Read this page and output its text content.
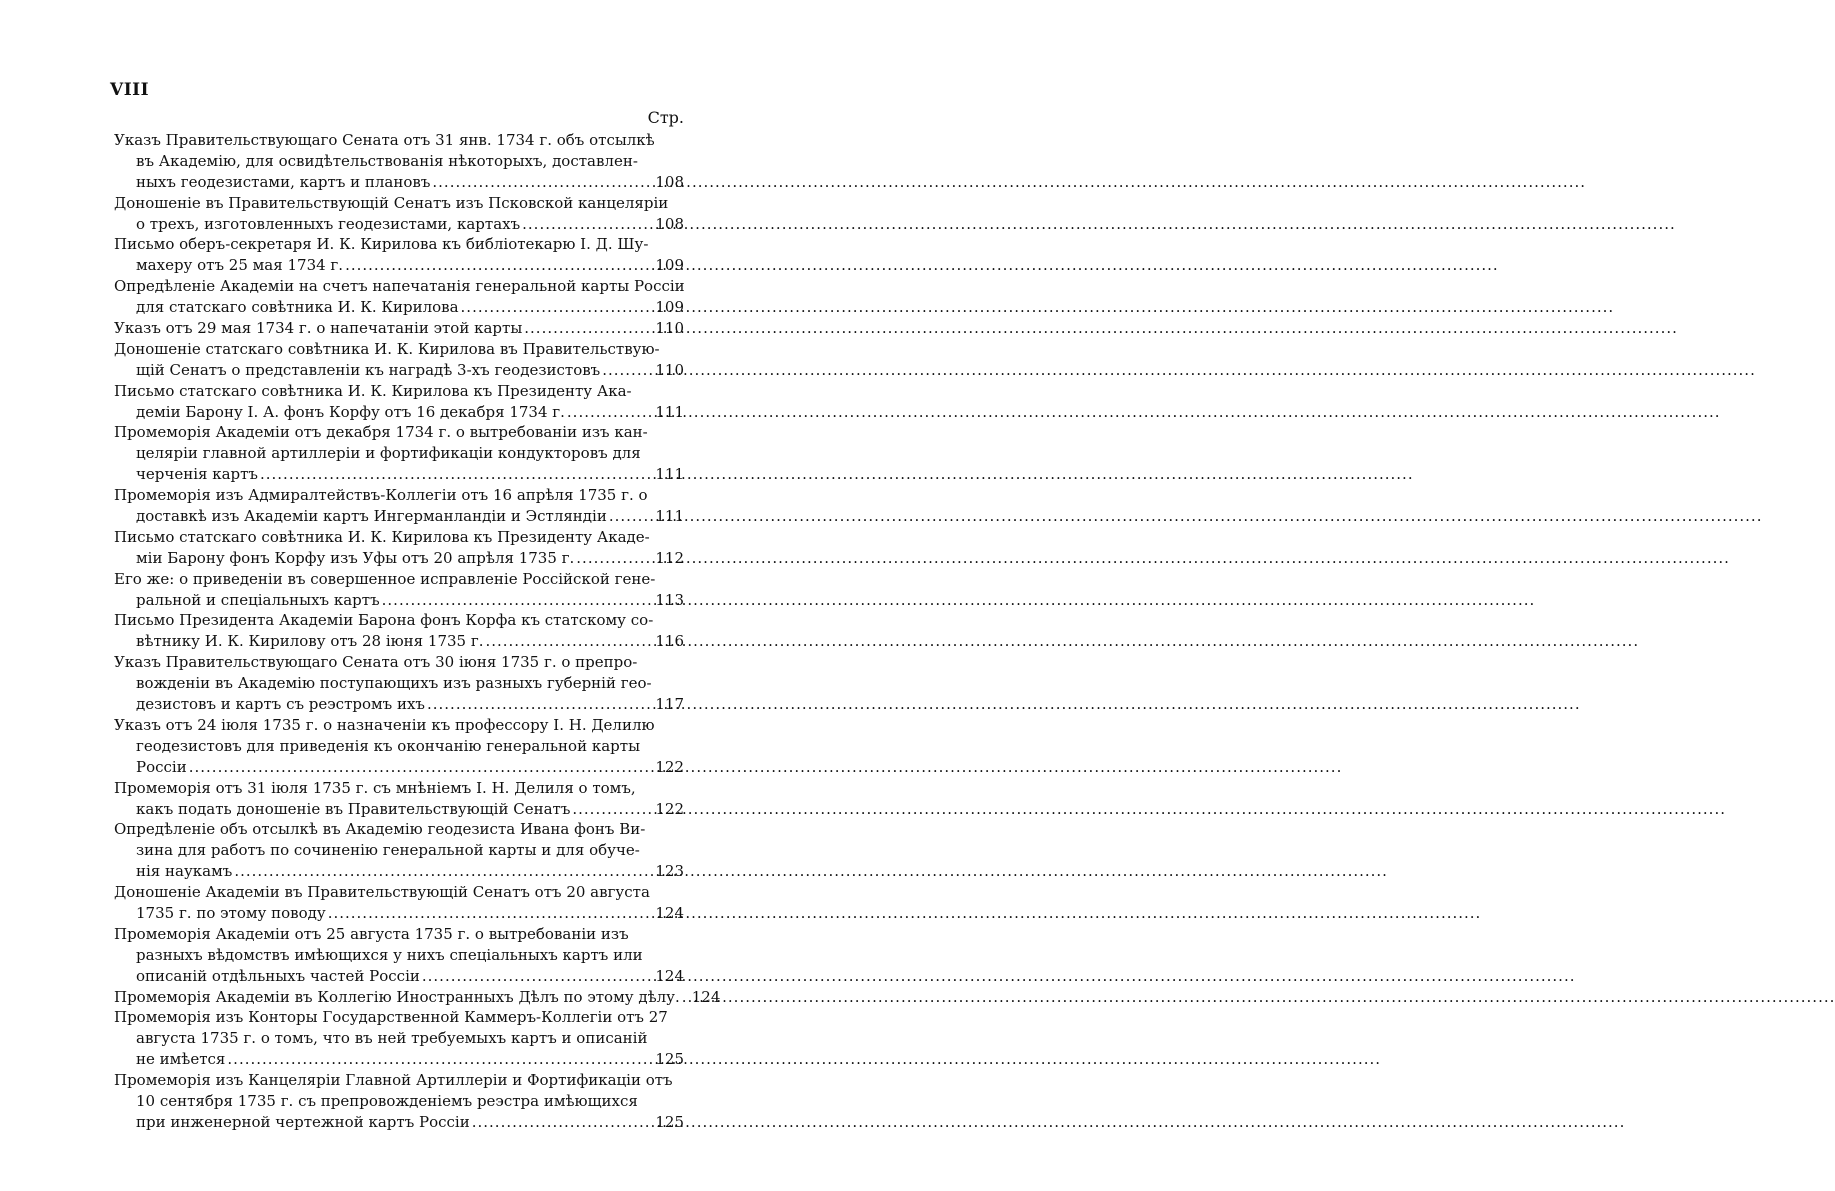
VIII
Стр.
Указъ Правительствующаго Сената отъ 31 янв. 1734 г. объ отсылкѣ
въ Академію, для освидѣтельствованія нѣкоторыхъ, доставлен-
ныхъ геодезистами, картъ и плановъ .....	108
Доношеніе въ Правительствующій Сенатъ изъ Псковской канцеляріи
о трехъ, изготовленныхъ геодезистами, картахъ .....	108
Письмо оберъ-секретаря И. К. Кирилова къ библіотекарю І. Д. Шу-
махеру отъ 25 мая 1734 г. .....	109
Опредѣленіе Академіи на счетъ напечатанія генеральной карты Россіи
для статскаго совѣтника И. К. Кирилова .....	109
Указъ отъ 29 мая 1734 г. о напечатаніи этой карты .....	110
Доношеніе статскаго совѣтника И. К. Кирилова въ Правительствую-
щій Сенатъ о представленіи къ наградѣ 3-хъ геодезистовъ .....	110
Письмо статскаго совѣтника И. К. Кирилова къ Президенту Ака-
деміи Барону І. А. фонъ Корфу отъ 16 декабря 1734 г. .....	111
Промеморія Академіи отъ декабря 1734 г. о вытребованіи изъ кан-
целяріи главной артиллеріи и фортификаціи кондукторовъ для
черченія картъ .....	111
Промеморія изъ Адмиралтействъ-Коллегіи отъ 16 апрѣля 1735 г. о
доставкѣ изъ Академіи картъ Ингерманландіи и Эстляндіи .....	111
Письмо статскаго совѣтника И. К. Кирилова къ Президенту Акаде-
міи Барону фонъ Корфу изъ Уфы отъ 20 апрѣля 1735 г. .....	112
Его же: о приведеніи въ совершенное исправленіе Россійской гене-
ральной и спеціальныхъ картъ .....	113
Письмо Президента Академіи Барона фонъ Корфа къ статскому со-
вѣтнику И. К. Кирилову отъ 28 іюня 1735 г. .....	116
Указъ Правительствующаго Сената отъ 30 іюня 1735 г. о препро-
вожденіи въ Академію поступающихъ изъ разныхъ губерній гео-
дезистовъ и картъ съ реэстромъ ихъ .....	117
Указъ отъ 24 іюля 1735 г. о назначеніи къ профессору І. Н. Делилю
геодезистовъ для приведенія къ окончанію генеральной карты
Россіи .....	122
Промеморія отъ 31 іюля 1735 г. съ мнѣніемъ І. Н. Делиля о томъ,
какъ подать доношеніе въ Правительствующій Сенатъ .....	122
Опредѣленіе объ отсылкѣ въ Академію геодезиста Ивана фонъ Ви-
зина для работъ по сочиненію генеральной карты и для обуче-
нія наукамъ .....	123
Доношеніе Академіи въ Правительствующій Сенатъ отъ 20 августа
1735 г. по этому поводу .....	124
Промеморія Академіи отъ 25 августа 1735 г. о вытребованіи изъ
разныхъ вѣдомствъ имѣющихся у нихъ спеціальныхъ картъ или
описаній отдѣльныхъ частей Россіи .....	124
Промеморія Академіи въ Коллегію Иностранныхъ Дѣлъ по этому дѣлу. ..... 124
Промеморія изъ Конторы Государственной Каммеръ-Коллегіи отъ 27
августа 1735 г. о томъ, что въ ней требуемыхъ картъ и описаній
не имѣется .....	125
Промеморія изъ Канцеляріи Главной Артиллеріи и Фортификаціи отъ
10 сентября 1735 г. съ препровожденіемъ реэстра имѣющихся
при инженерной чертежной картъ Россіи .....	125
